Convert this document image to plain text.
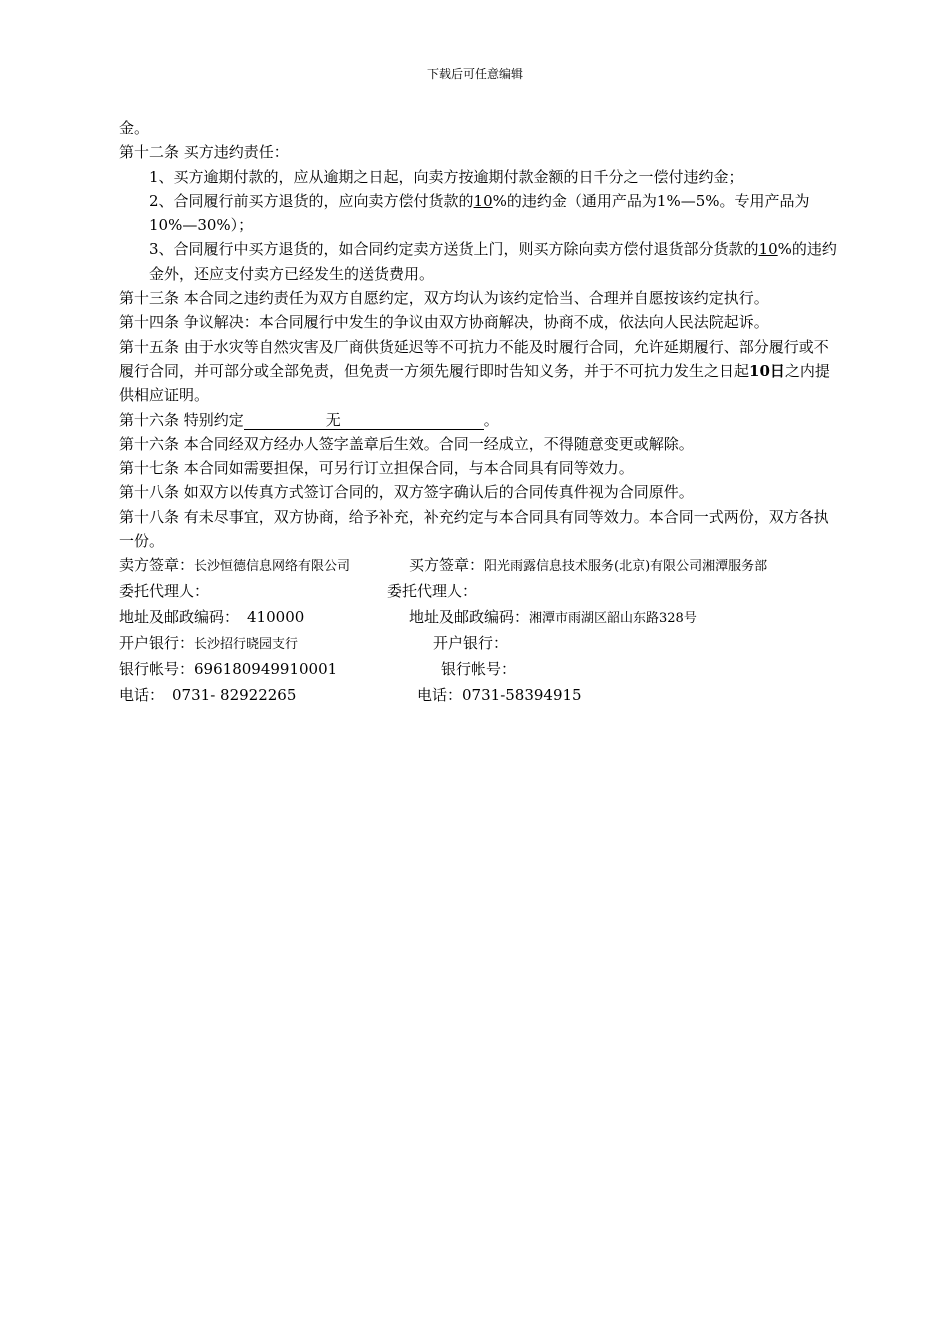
下载后可任意编辑

金。

第十二条 买方违约责任：

1、买方逾期付款的，应从逾期之日起，向卖方按逾期付款金额的日千分之一偿付违约金；

2、合同履行前买方退货的，应向卖方偿付货款的10%的违约金（通用产品为1%—5%。专用产品为10%—30%）；

3、合同履行中买方退货的，如合同约定卖方送货上门，则买方除向卖方偿付退货部分货款的10%的违约金外，还应支付卖方已经发生的送货费用。

第十三条 本合同之违约责任为双方自愿约定，双方均认为该约定恰当、合理并自愿按该约定执行。

第十四条 争议解决：本合同履行中发生的争议由双方协商解决，协商不成，依法向人民法院起诉。

第十五条 由于水灾等自然灾害及厂商供货延迟等不可抗力不能及时履行合同，允许延期履行、部分履行或不履行合同，并可部分或全部免责，但免责一方须先履行即时告知义务，并于不可抗力发生之日起10日之内提供相应证明。

第十六条 特别约定	无	。

第十六条 本合同经双方经办人签字盖章后生效。合同一经成立，不得随意变更或解除。

第十七条 本合同如需要担保，可另行订立担保合同，与本合同具有同等效力。

第十八条 如双方以传真方式签订合同的，双方签字确认后的合同传真件视为合同原件。

第十八条 有未尽事宜，双方协商，给予补充，补充约定与本合同具有同等效力。本合同一式两份，双方各执一份。

卖方签章：长沙恒德信息网络有限公司	买方签章：阳光雨露信息技术服务(北京)有限公司湘潭服务部
委托代理人：	委托代理人：
地址及邮政编码： 410000	地址及邮政编码：湘潭市雨湖区韶山东路328号
开户银行：长沙招行晓园支行	开户银行：
银行帐号：696180949910001	银行帐号：
电话： 0731- 82922265	电话：0731-58394915
